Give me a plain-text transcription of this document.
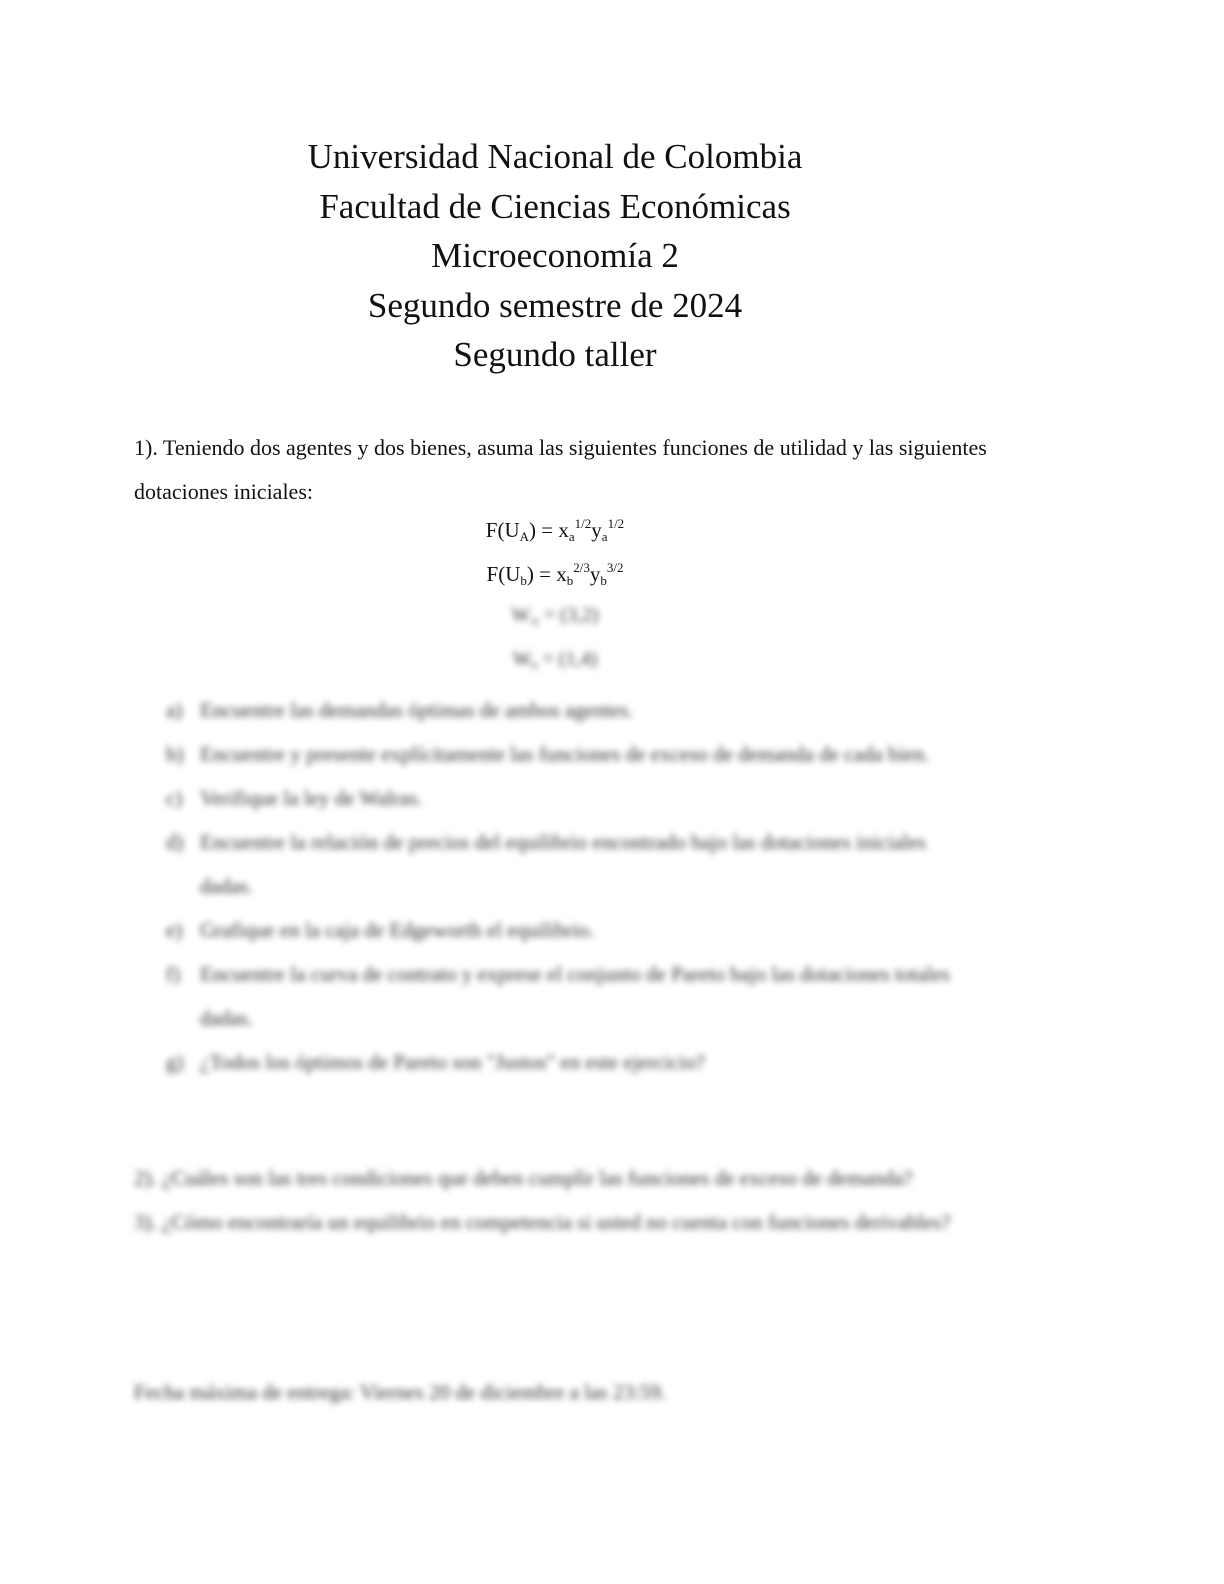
Universidad Nacional de Colombia
Facultad de Ciencias Económicas
Microeconomía 2
Segundo semestre de 2024
Segundo taller
1). Teniendo dos agentes y dos bienes, asuma las siguientes funciones de utilidad y las siguientes dotaciones iniciales:
$F(U_A) = x_a^{1/2}y_a^{1/2}$
$F(U_b) = x_b^{2/3}y_b^{3/2}$
$W_A = (3,2)$
$W_b = (1,4)$
a) Encuentre las demandas óptimas de ambos agentes.
b) Encuentre y presente explícitamente las funciones de exceso de demanda de cada bien.
c) Verifique la ley de Walras.
d) Encuentre la relación de precios del equilibrio encontrado bajo las dotaciones iniciales dadas.
e) Grafique en la caja de Edgeworth el equilibrio.
f) Encuentre la curva de contrato y exprese el conjunto de Pareto bajo las dotaciones totales dadas.
g) ¿Todos los óptimos de Pareto son "Justos" en este ejercicio?

2). ¿Cuáles son las tres condiciones que deben cumplir las funciones de exceso de demanda?

3). ¿Cómo encontraría un equilibrio en competencia si usted no cuenta con funciones derivables?

Fecha máxima de entrega: Viernes 20 de diciembre a las 23:59.
